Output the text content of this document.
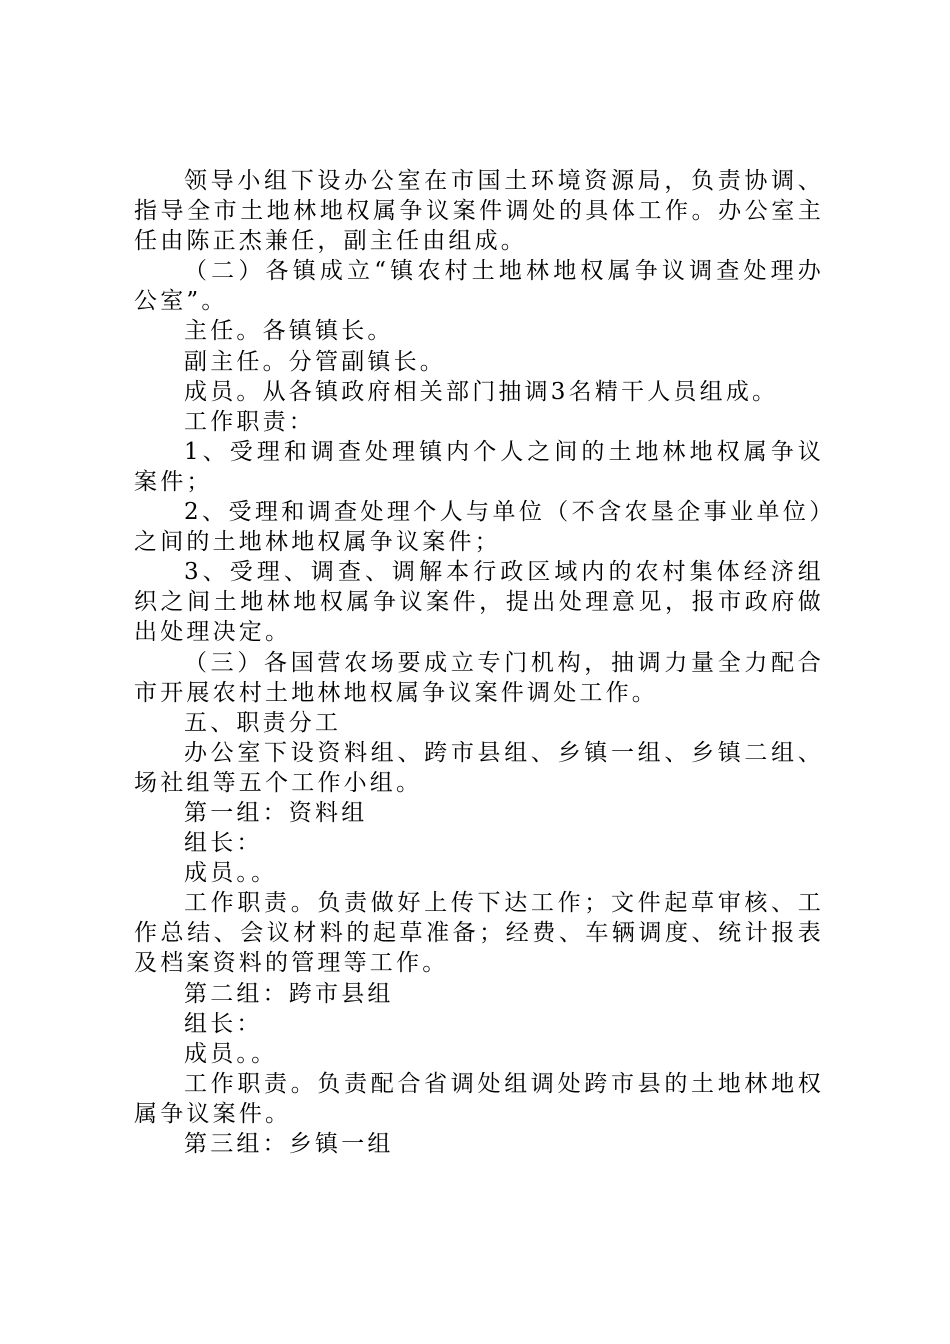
领导小组下设办公室在市国土环境资源局，负责协调、指导全市土地林地权属争议案件调处的具体工作。办公室主任由陈正杰兼任，副主任由组成。

（二）各镇成立“镇农村土地林地权属争议调查处理办公室”。

主任。各镇镇长。

副主任。分管副镇长。

成员。从各镇政府相关部门抽调3名精干人员组成。

工作职责：

1、受理和调查处理镇内个人之间的土地林地权属争议案件；

2、受理和调查处理个人与单位（不含农垦企事业单位）之间的土地林地权属争议案件；

3、受理、调查、调解本行政区域内的农村集体经济组织之间土地林地权属争议案件，提出处理意见，报市政府做出处理决定。

（三）各国营农场要成立专门机构，抽调力量全力配合市开展农村土地林地权属争议案件调处工作。

五、职责分工

办公室下设资料组、跨市县组、乡镇一组、乡镇二组、场社组等五个工作小组。

第一组：资料组

组长：

成员。。

工作职责。负责做好上传下达工作；文件起草审核、工作总结、会议材料的起草准备；经费、车辆调度、统计报表及档案资料的管理等工作。

第二组：跨市县组

组长：

成员。。

工作职责。负责配合省调处组调处跨市县的土地林地权属争议案件。

第三组：乡镇一组
